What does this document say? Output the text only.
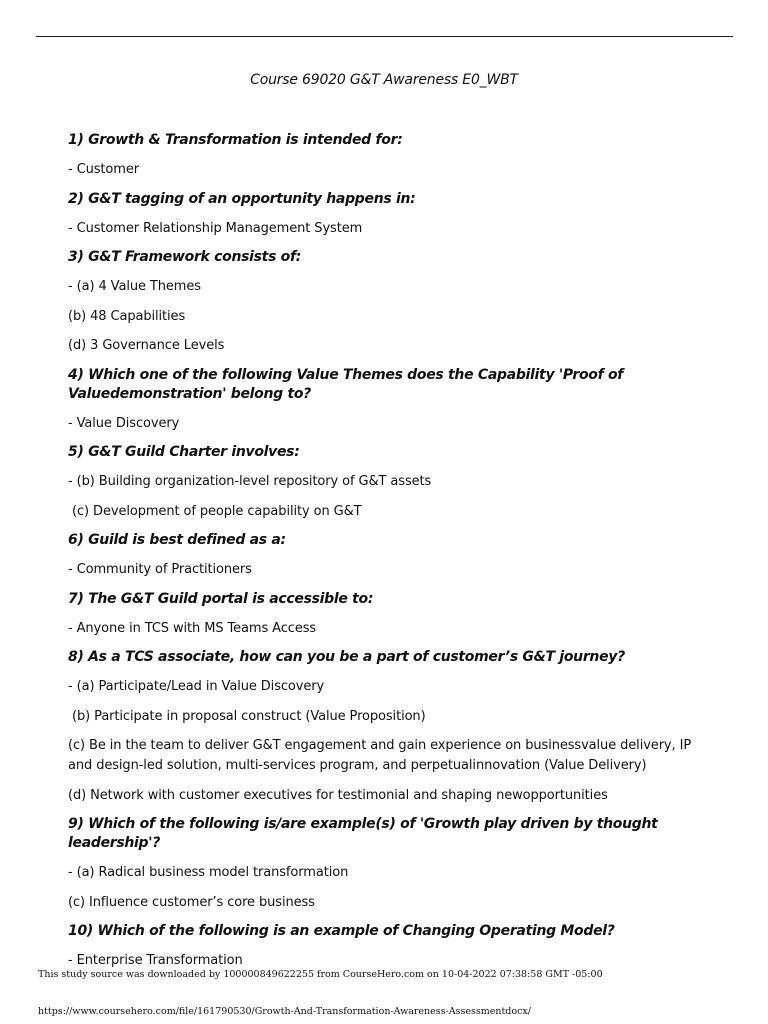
Course 69020 G&T Awareness E0_WBT
1) Growth & Transformation is intended for:
- Customer
2) G&T tagging of an opportunity happens in:
- Customer Relationship Management System
3) G&T Framework consists of:
- (a) 4 Value Themes
(b) 48 Capabilities
(d) 3 Governance Levels
4) Which one of the following Value Themes does the Capability 'Proof of Valuedemonstration' belong to?
- Value Discovery
5) G&T Guild Charter involves:
- (b) Building organization-level repository of G&T assets
(c) Development of people capability on G&T
6) Guild is best defined as a:
- Community of Practitioners
7) The G&T Guild portal is accessible to:
- Anyone in TCS with MS Teams Access
8) As a TCS associate, how can you be a part of customer’s G&T journey?
- (a) Participate/Lead in Value Discovery
(b) Participate in proposal construct (Value Proposition)
(c) Be in the team to deliver G&T engagement and gain experience on businessvalue delivery, IP and design-led solution, multi-services program, and perpetualinnovation (Value Delivery)
(d) Network with customer executives for testimonial and shaping newopportunities
9) Which of the following is/are example(s) of 'Growth play driven by thought leadership'?
- (a) Radical business model transformation
(c) Influence customer’s core business
10) Which of the following is an example of Changing Operating Model?
- Enterprise Transformation
This study source was downloaded by 100000849622255 from CourseHero.com on 10-04-2022 07:38:58 GMT -05:00
https://www.coursehero.com/file/161790530/Growth-And-Transformation-Awareness-Assessmentdocx/
